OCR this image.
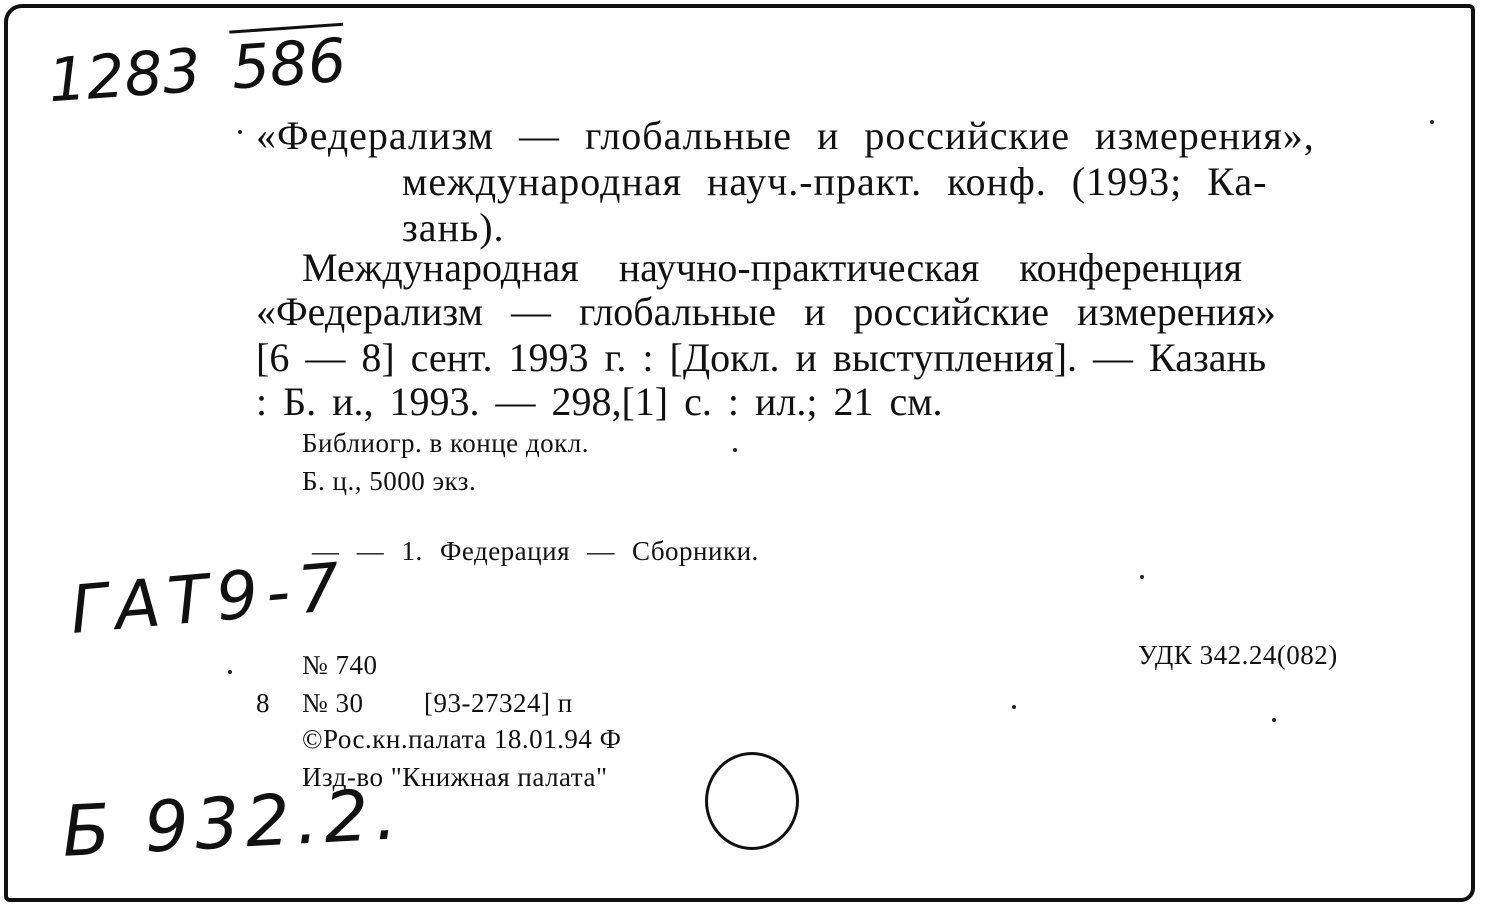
1283 586
ГАТ9-7
Б 932.2.
«Федерализм — глобальные и российские измерения»,
международная науч.-практ. конф. (1993; Ка-
зань).
Международная научно-практическая конференция
«Федерализм — глобальные и российские измерения»
[6 — 8] сент. 1993 г. : [Докл. и выступления]. — Казань
: Б. и., 1993. — 298,[1] с. : ил.; 21 см.
Библиогр. в конце докл.
Б. ц., 5000 экз.
— — 1. Федерация — Сборники.
№ 740	УДК 342.24(082)
8 № 30 [93-27324] п
©Рос.кн.палата 18.01.94 Ф
Изд-во "Книжная палата"
